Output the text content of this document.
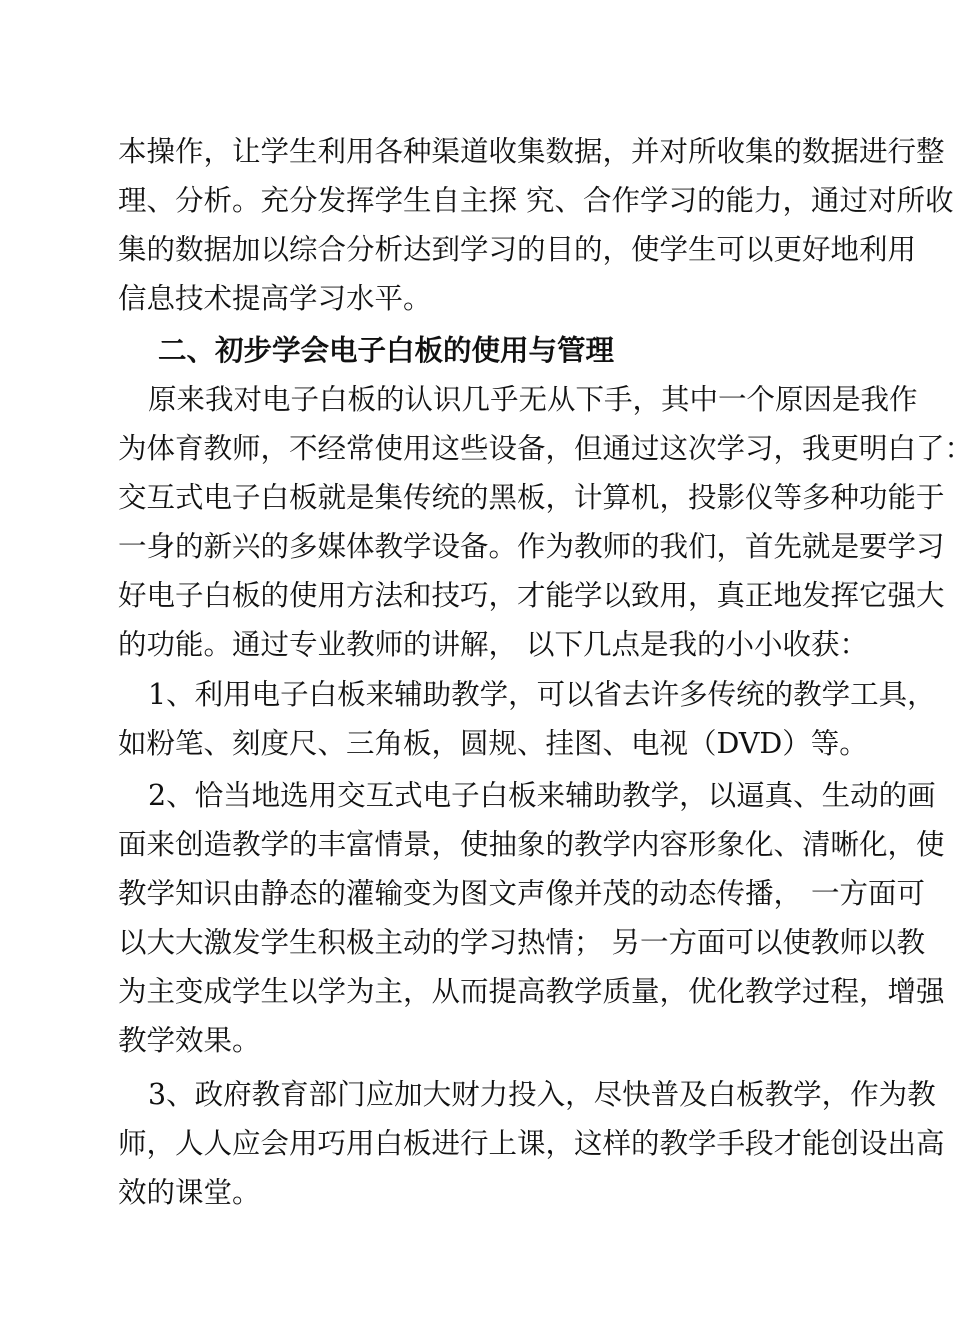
本操作，让学生利用各种渠道收集数据，并对所收集的数据进行整
理、分析。充分发挥学生自主探 究、合作学习的能力，通过对所收
集的数据加以综合分析达到学习的目的，使学生可以更好地利用
信息技术提高学习水平。
二、初步学会电子白板的使用与管理
原来我对电子白板的认识几乎无从下手，其中一个原因是我作
为体育教师，不经常使用这些设备，但通过这次学习，我更明白了：
交互式电子白板就是集传统的黑板，计算机，投影仪等多种功能于
一身的新兴的多媒体教学设备。作为教师的我们，首先就是要学习
好电子白板的使用方法和技巧，才能学以致用，真正地发挥它强大
的功能。通过专业教师的讲解， 以下几点是我的小小收获：
1、利用电子白板来辅助教学，可以省去许多传统的教学工具，
如粉笔、刻度尺、三角板，圆规、挂图、电视（DVD）等。
2、恰当地选用交互式电子白板来辅助教学，以逼真、生动的画
面来创造教学的丰富情景，使抽象的教学内容形象化、清晰化，使
教学知识由静态的灌输变为图文声像并茂的动态传播， 一方面可
以大大激发学生积极主动的学习热情； 另一方面可以使教师以教
为主变成学生以学为主，从而提高教学质量，优化教学过程，增强
教学效果。
3、政府教育部门应加大财力投入，尽快普及白板教学，作为教
师，人人应会用巧用白板进行上课，这样的教学手段才能创设出高
效的课堂。
